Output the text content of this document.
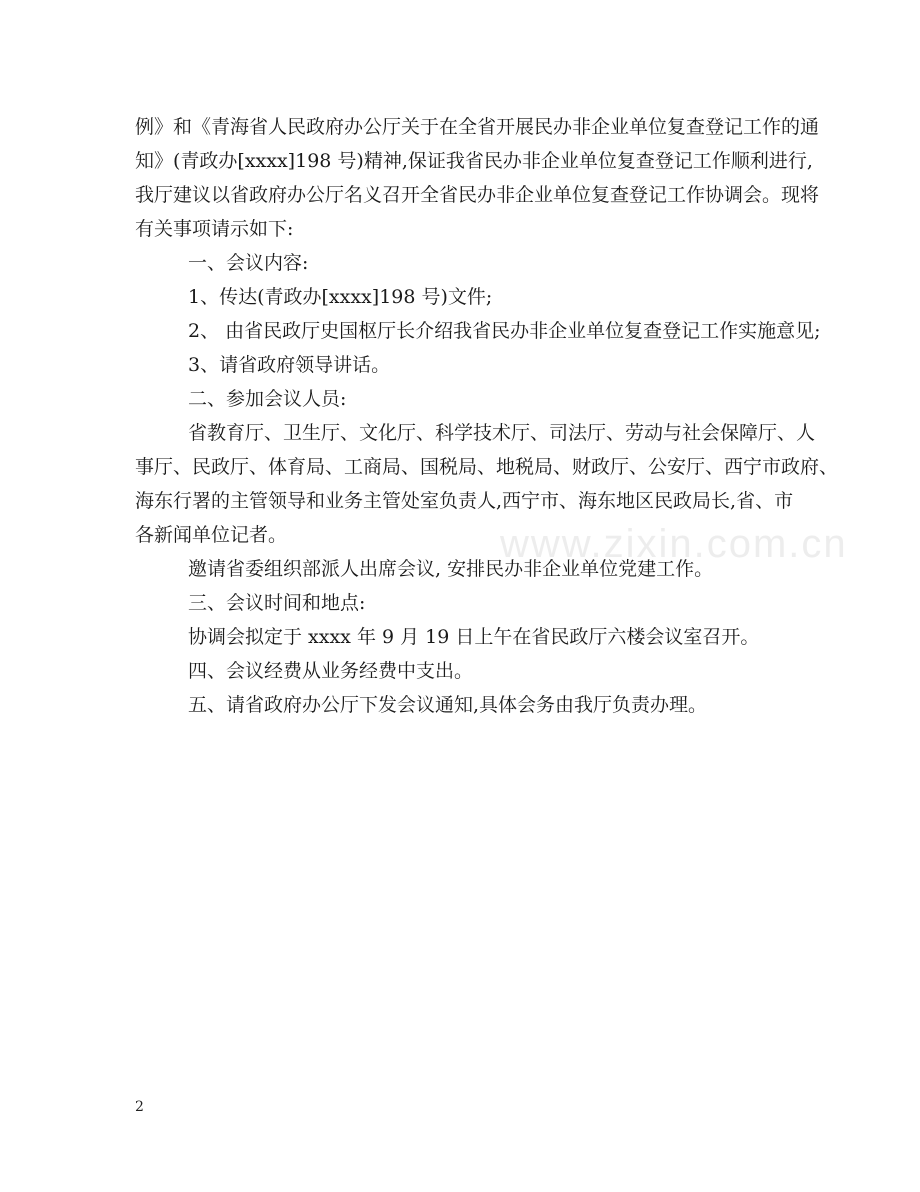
例》和《青海省人民政府办公厅关于在全省开展民办非企业单位复查登记工作的通

知》(青政办[xxxx]198 号)精神,保证我省民办非企业单位复查登记工作顺利进行,

我厅建议以省政府办公厅名义召开全省民办非企业单位复查登记工作协调会。现将

有关事项请示如下:

一、会议内容:

1、传达(青政办[xxxx]198 号)文件;

2、 由省民政厅史国枢厅长介绍我省民办非企业单位复查登记工作实施意见;

3、请省政府领导讲话。

二、参加会议人员:

省教育厅、卫生厅、文化厅、科学技术厅、司法厅、劳动与社会保障厅、人

事厅、民政厅、体育局、工商局、国税局、地税局、财政厅、公安厅、西宁市政府、

海东行署的主管领导和业务主管处室负责人,西宁市、海东地区民政局长,省、市

各新闻单位记者。

邀请省委组织部派人出席会议, 安排民办非企业单位党建工作。

三、会议时间和地点:

协调会拟定于 xxxx 年 9 月 19 日上午在省民政厅六楼会议室召开。

四、会议经费从业务经费中支出。

五、请省政府办公厅下发会议通知,具体会务由我厅负责办理。

www.zixin.com.cn
2
